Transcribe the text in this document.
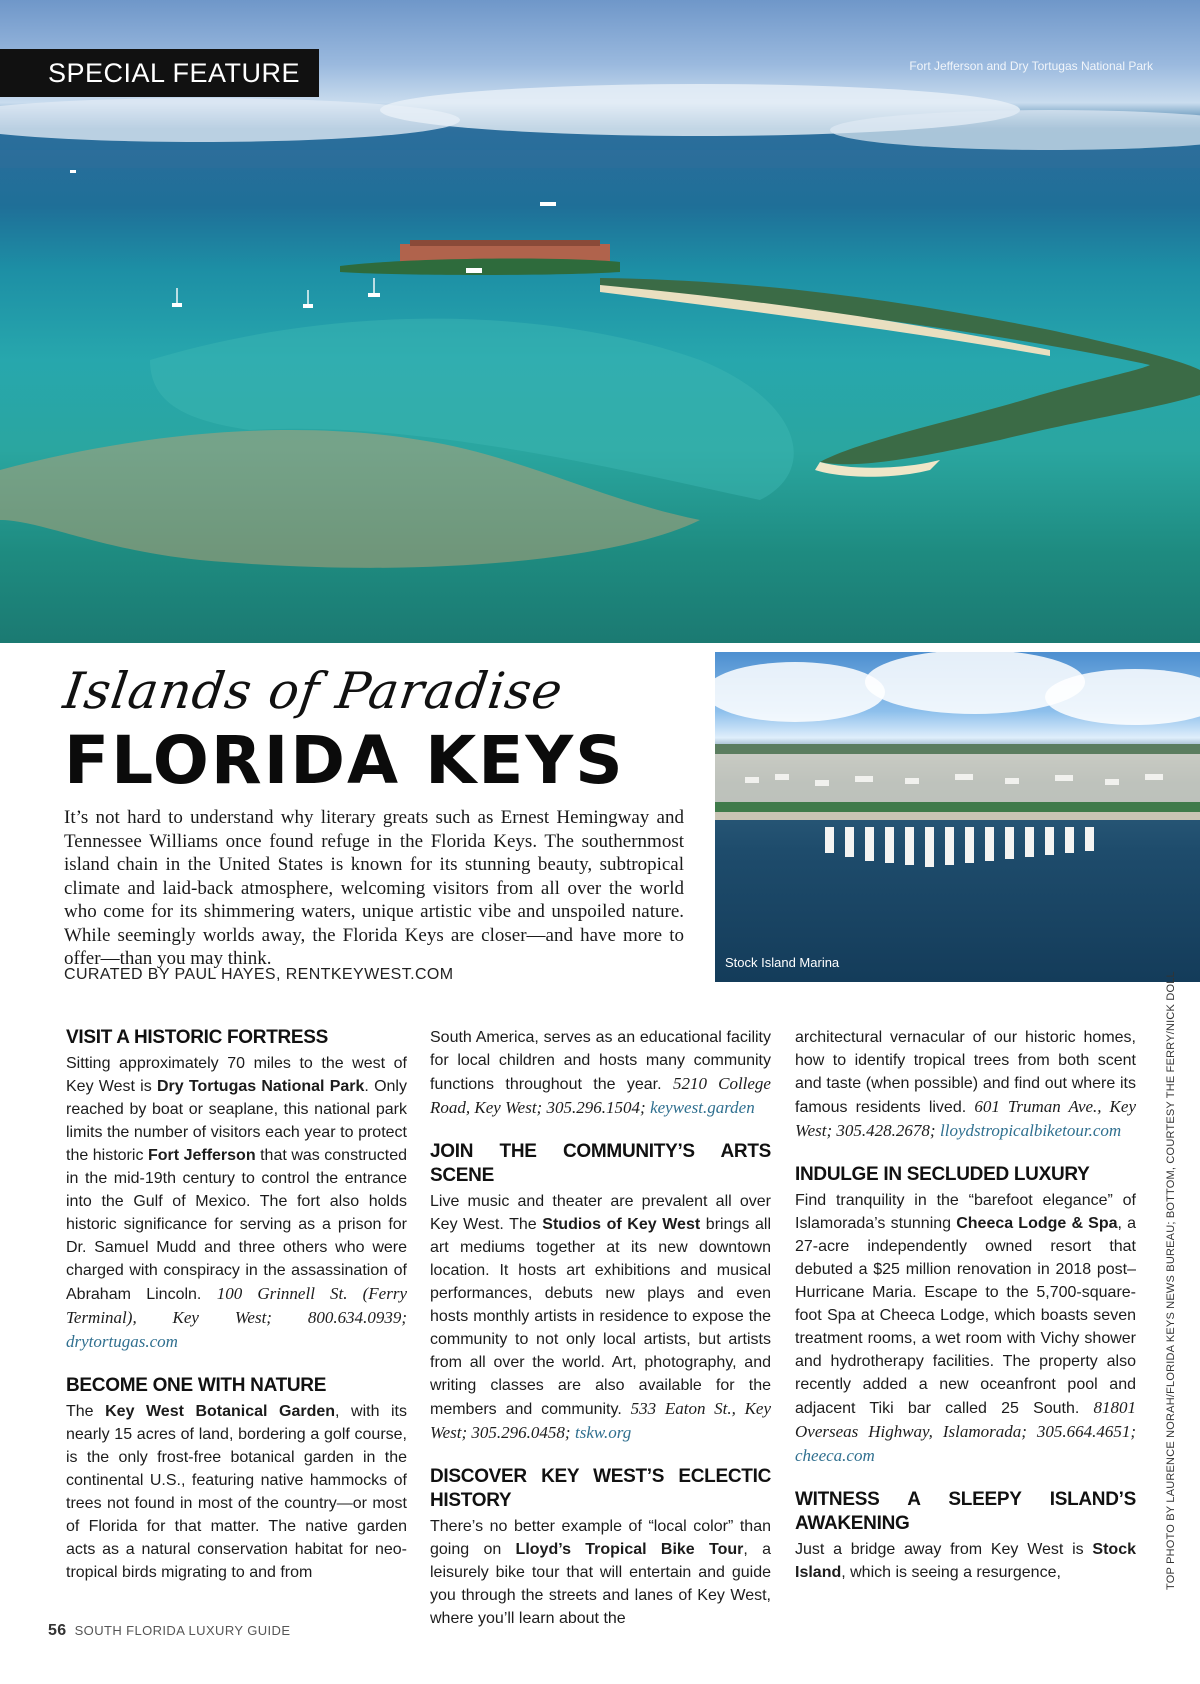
SPECIAL FEATURE	Fort Jefferson and Dry Tortugas National Park
Islands of Paradise
FLORIDA KEYS
It’s not hard to understand why literary greats such as Ernest Hemingway and Tennessee Williams once found refuge in the Florida Keys. The southernmost island chain in the United States is known for its stunning beauty, subtropical climate and laid-back atmosphere, welcoming visitors from all over the world who come for its shimmering waters, unique artistic vibe and unspoiled nature. While seemingly worlds away, the Florida Keys are closer—and have more to offer—than you may think.
CURATED BY PAUL HAYES, RENTKEYWEST.COM
Stock Island Marina
VISIT A HISTORIC FORTRESS

Sitting approximately 70 miles to the west of Key West is Dry Tortugas National Park. Only reached by boat or seaplane, this national park limits the number of visitors each year to protect the historic Fort Jefferson that was constructed in the mid-19th century to control the entrance into the Gulf of Mexico. The fort also holds historic significance for serving as a prison for Dr. Samuel Mudd and three others who were charged with conspiracy in the assassination of Abraham Lincoln. 100 Grinnell St. (Ferry Terminal), Key West; 800.634.0939; drytortugas.com

BECOME ONE WITH NATURE

The Key West Botanical Garden, with its nearly 15 acres of land, bordering a golf course, is the only frost-free botanical garden in the continental U.S., featuring native hammocks of trees not found in most of the country—or most of Florida for that matter. The native garden acts as a natural conservation habitat for neo-tropical birds migrating to and from

South America, serves as an educational facility for local children and hosts many community functions throughout the year. 5210 College Road, Key West; 305.296.1504; keywest.garden

JOIN THE COMMUNITY’S ARTS SCENE

Live music and theater are prevalent all over Key West. The Studios of Key West brings all art mediums together at its new downtown location. It hosts art exhibitions and musical performances, debuts new plays and even hosts monthly artists in residence to expose the community to not only local artists, but artists from all over the world. Art, photography, and writing classes are also available for the members and community. 533 Eaton St., Key West; 305.296.0458; tskw.org

DISCOVER KEY WEST’S ECLECTIC HISTORY

There’s no better example of “local color” than going on Lloyd’s Tropical Bike Tour, a leisurely bike tour that will entertain and guide you through the streets and lanes of Key West, where you’ll learn about the

architectural vernacular of our historic homes, how to identify tropical trees from both scent and taste (when possible) and find out where its famous residents lived. 601 Truman Ave., Key West; 305.428.2678; lloydstropicalbiketour.com

INDULGE IN SECLUDED LUXURY

Find tranquility in the “barefoot elegance” of Islamorada’s stunning Cheeca Lodge & Spa, a 27-acre independently owned resort that debuted a $25 million renovation in 2018 post–Hurricane Maria. Escape to the 5,700-square-foot Spa at Cheeca Lodge, which boasts seven treatment rooms, a wet room with Vichy shower and hydrotherapy facilities. The property also recently added a new oceanfront pool and adjacent Tiki bar called 25 South. 81801 Overseas Highway, Islamorada; 305.664.4651; cheeca.com

WITNESS A SLEEPY ISLAND’S AWAKENING

Just a bridge away from Key West is Stock Island, which is seeing a resurgence,	TOP PHOTO BY LAURENCE NORAH/FLORIDA KEYS NEWS BUREAU; BOTTOM, COURTESY THE FERRY/NICK DOLL
56 SOUTH FLORIDA LUXURY GUIDE
